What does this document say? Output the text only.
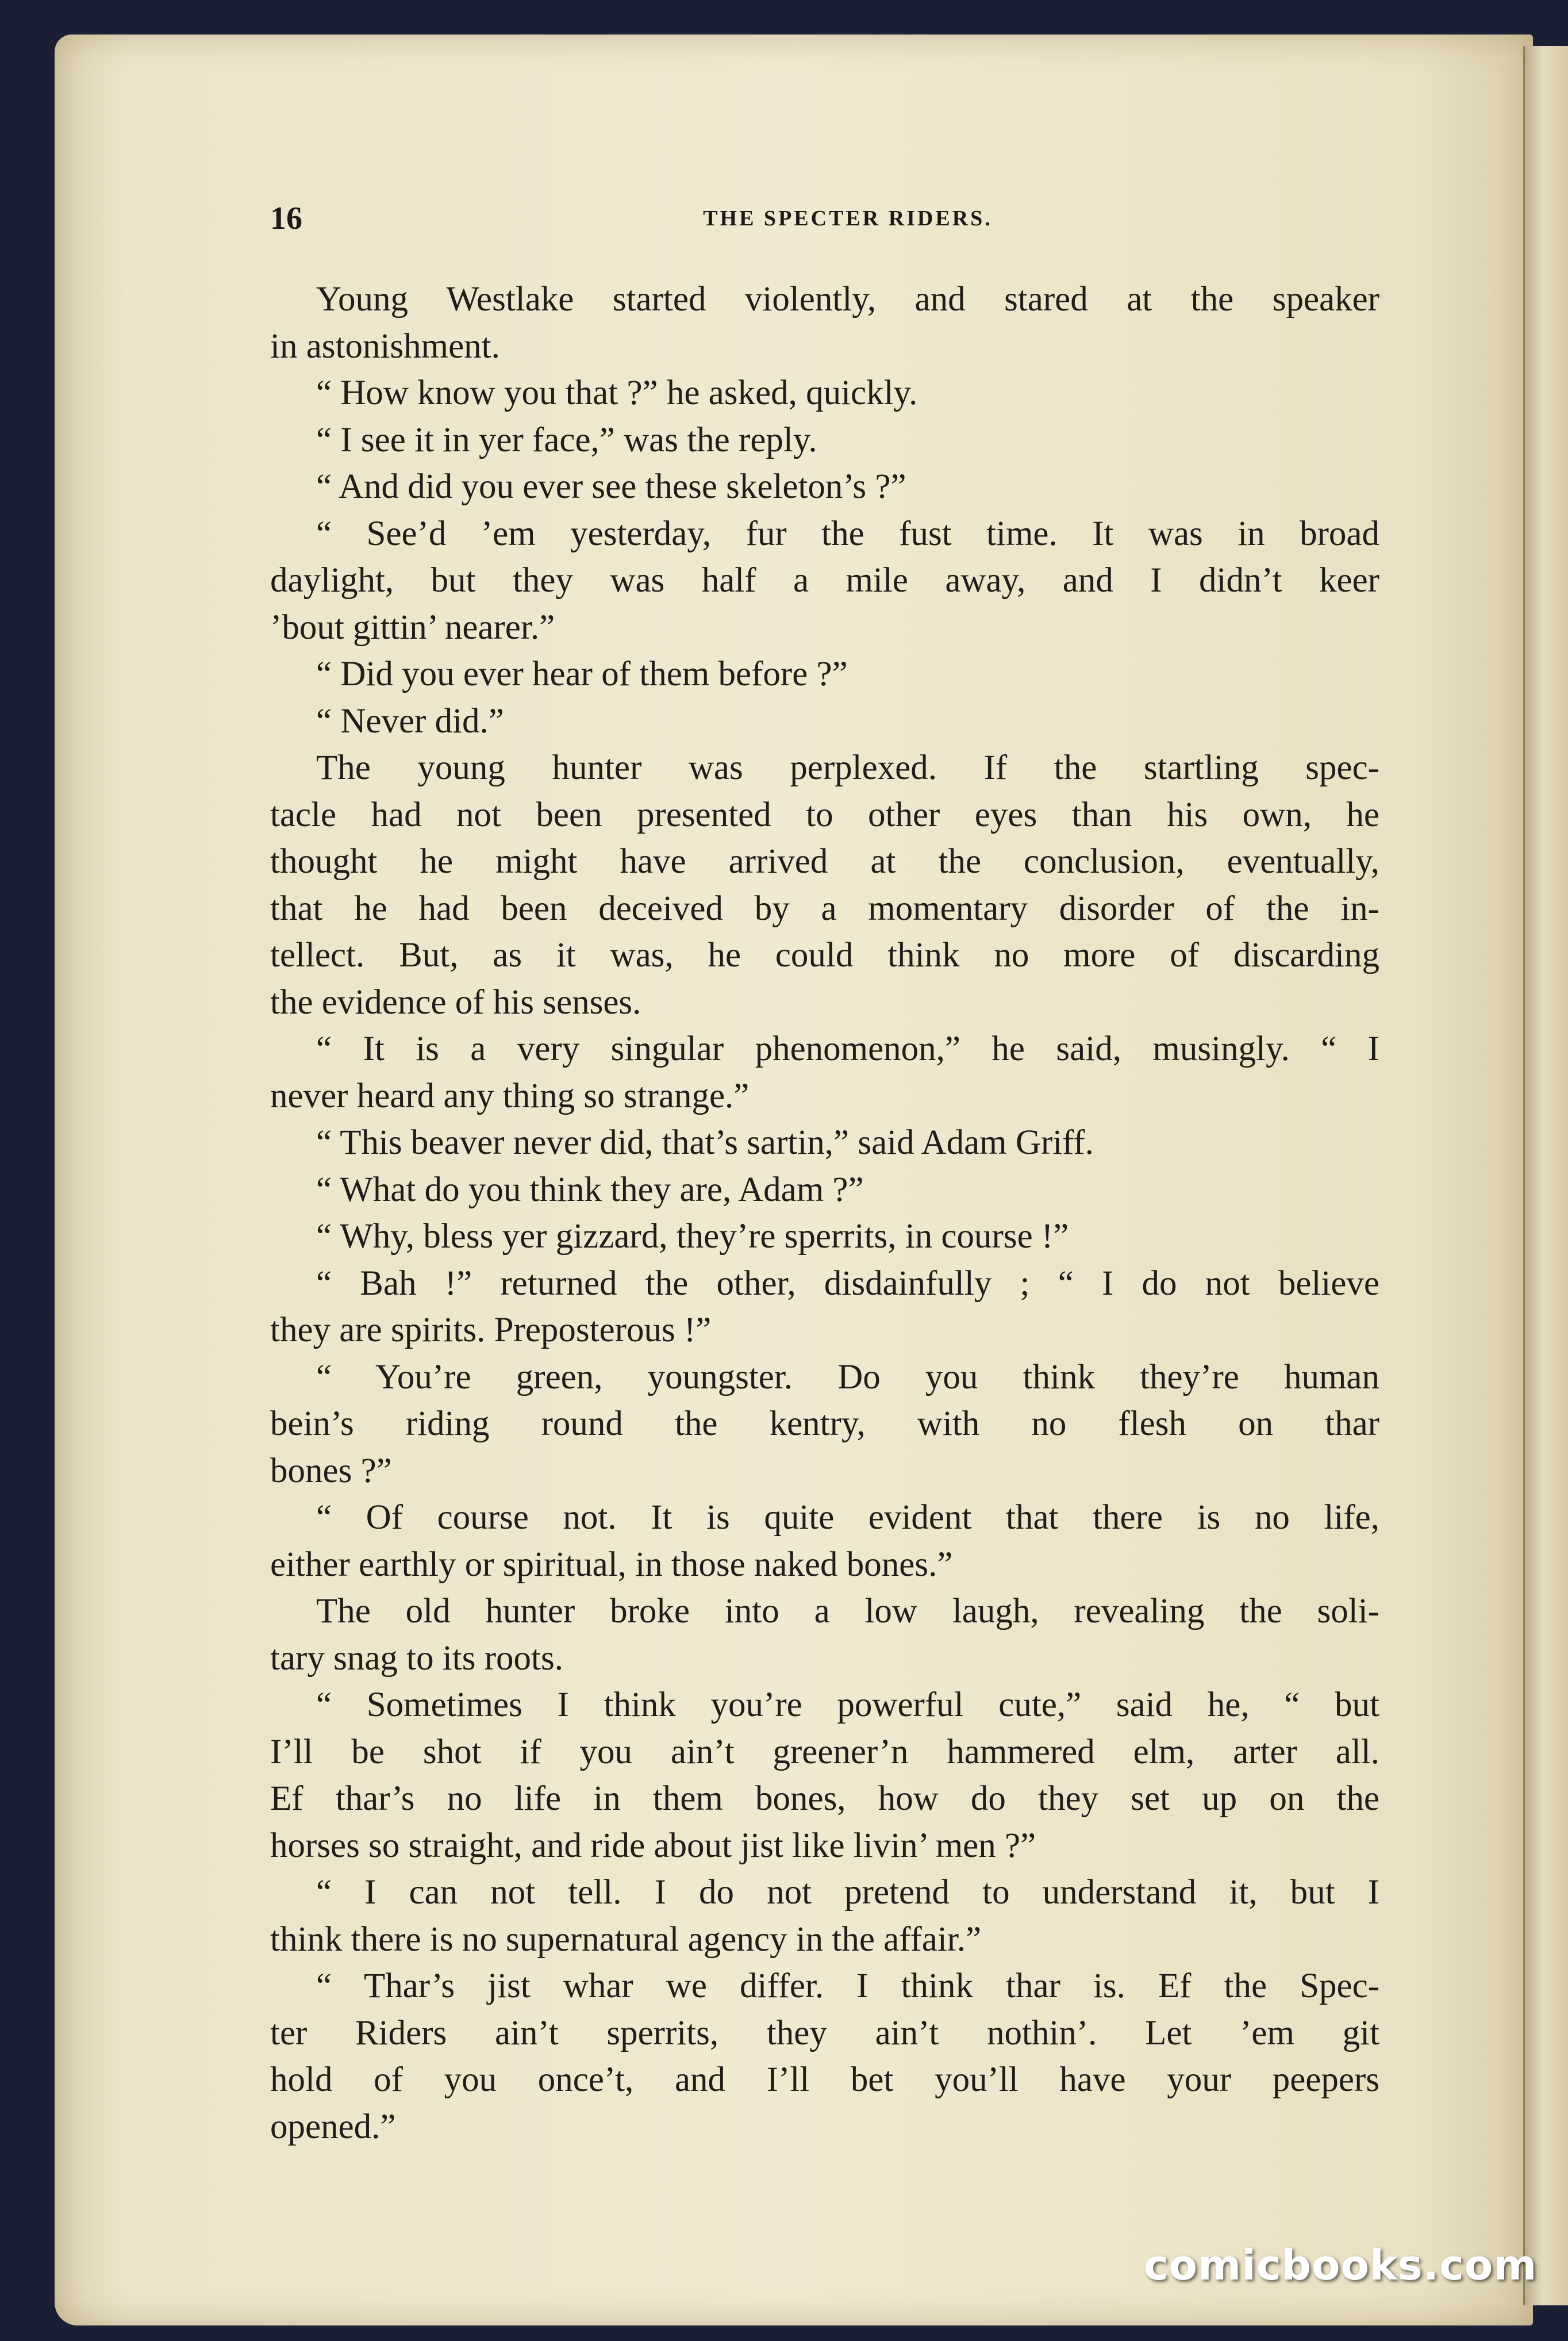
16	THE SPECTER RIDERS.
Young Westlake started violently, and stared at the speaker
in astonishment.
“ How know you that ?” he asked, quickly.
“ I see it in yer face,” was the reply.
“ And did you ever see these skeleton’s ?”
“ See’d ’em yesterday, fur the fust time. It was in broad
daylight, but they was half a mile away, and I didn’t keer
’bout gittin’ nearer.”
“ Did you ever hear of them before ?”
“ Never did.”
The young hunter was perplexed. If the startling spec-
tacle had not been presented to other eyes than his own, he
thought he might have arrived at the conclusion, eventually,
that he had been deceived by a momentary disorder of the in-
tellect. But, as it was, he could think no more of discarding
the evidence of his senses.
“ It is a very singular phenomenon,” he said, musingly. “ I
never heard any thing so strange.”
“ This beaver never did, that’s sartin,” said Adam Griff.
“ What do you think they are, Adam ?”
“ Why, bless yer gizzard, they’re sperrits, in course !”
“ Bah !” returned the other, disdainfully ; “ I do not believe
they are spirits. Preposterous !”
“ You’re green, youngster. Do you think they’re human
bein’s riding round the kentry, with no flesh on thar
bones ?”
“ Of course not. It is quite evident that there is no life,
either earthly or spiritual, in those naked bones.”
The old hunter broke into a low laugh, revealing the soli-
tary snag to its roots.
“ Sometimes I think you’re powerful cute,” said he, “ but
I’ll be shot if you ain’t greener’n hammered elm, arter all.
Ef thar’s no life in them bones, how do they set up on the
horses so straight, and ride about jist like livin’ men ?”
“ I can not tell. I do not pretend to understand it, but I
think there is no supernatural agency in the affair.”
“ Thar’s jist whar we differ. I think thar is. Ef the Spec-
ter Riders ain’t sperrits, they ain’t nothin’. Let ’em git
hold of you once’t, and I’ll bet you’ll have your peepers
opened.”
comicbooks.com
